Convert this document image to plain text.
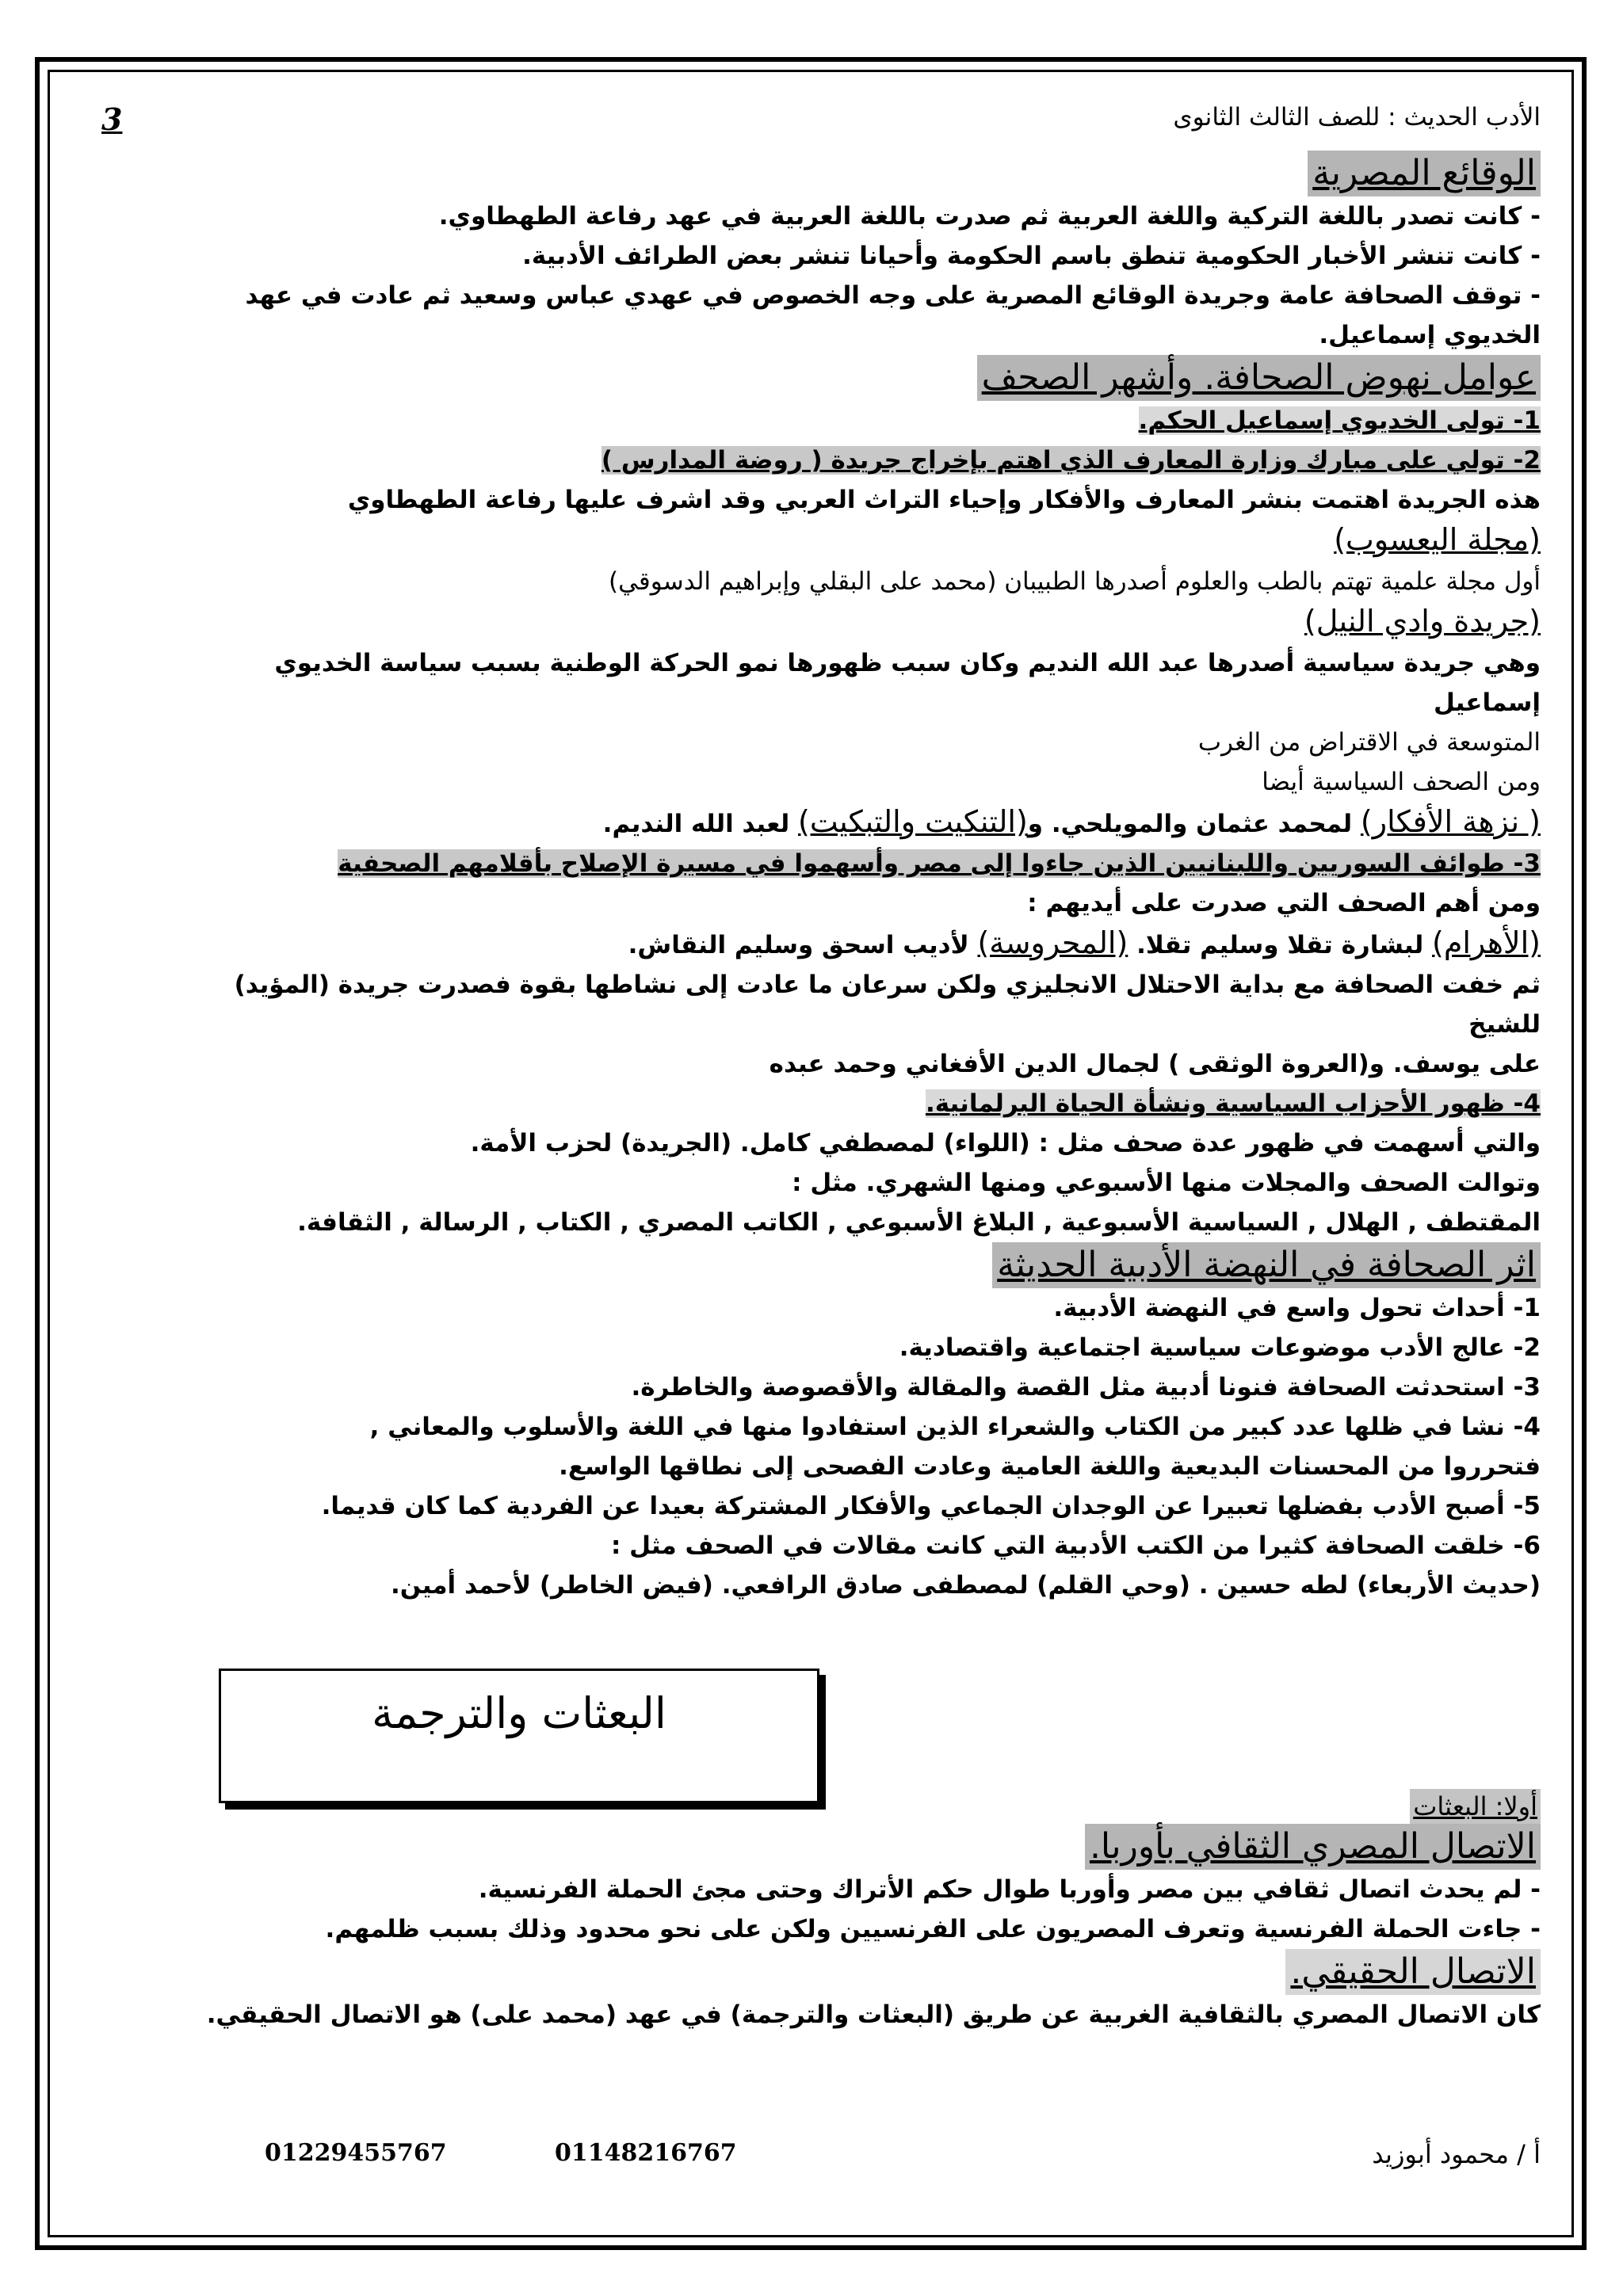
3	الأدب الحديث : للصف الثالث الثانوى
الوقائع المصرية

- كانت تصدر باللغة التركية واللغة العربية ثم صدرت باللغة العربية في عهد رفاعة الطهطاوي.

- كانت تنشر الأخبار الحكومية تنطق باسم الحكومة وأحيانا تنشر بعض الطرائف الأدبية.

- توقف الصحافة عامة وجريدة الوقائع المصرية على وجه الخصوص في عهدي عباس وسعيد ثم عادت في عهد

الخديوي إسماعيل.

عوامل نهوض الصحافة. وأشهر الصحف

1- تولى الخديوي إسماعيل الحكم.

2- تولي على مبارك وزارة المعارف الذي اهتم بإخراج جريدة ( روضة المدارس )

هذه الجريدة اهتمت بنشر المعارف والأفكار وإحياء التراث العربي وقد اشرف عليها رفاعة الطهطاوي

(مجلة اليعسوب)

أول مجلة علمية تهتم بالطب والعلوم أصدرها الطبيبان (محمد على البقلي وإبراهيم الدسوقي)

(جريدة وادي النيل)

وهي جريدة سياسية أصدرها عبد الله النديم وكان سبب ظهورها نمو الحركة الوطنية بسبب سياسة الخديوي إسماعيل

المتوسعة في الاقتراض من الغرب

ومن الصحف السياسية أيضا

( نزهة الأفكار) لمحمد عثمان والمويلحي. و(التنكيت والتبكيت) لعبد الله النديم.

3- طوائف السوريين واللبنانيين الذين جاءوا إلى مصر وأسهموا في مسيرة الإصلاح بأقلامهم الصحفية

ومن أهم الصحف التي صدرت على أيديهم :

(الأهرام) لبشارة تقلا وسليم تقلا. (المحروسة) لأديب اسحق وسليم النقاش.

ثم خفت الصحافة مع بداية الاحتلال الانجليزي ولكن سرعان ما عادت إلى نشاطها بقوة فصدرت جريدة (المؤيد) للشيخ

على يوسف. و(العروة الوثقى ) لجمال الدين الأفغاني وحمد عبده

4- ظهور الأحزاب السياسية ونشأة الحياة البرلمانية.

والتي أسهمت في ظهور عدة صحف مثل : (اللواء) لمصطفي كامل. (الجريدة) لحزب الأمة.

وتوالت الصحف والمجلات منها الأسبوعي ومنها الشهري. مثل :

المقتطف , الهلال , السياسية الأسبوعية , البلاغ الأسبوعي , الكاتب المصري , الكتاب , الرسالة , الثقافة.

اثر الصحافة في النهضة الأدبية الحديثة

1- أحداث تحول واسع في النهضة الأدبية.

2- عالج الأدب موضوعات سياسية اجتماعية واقتصادية.

3- استحدثت الصحافة فنونا أدبية مثل القصة والمقالة والأقصوصة والخاطرة.

4- نشا في ظلها عدد كبير من الكتاب والشعراء الذين استفادوا منها في اللغة والأسلوب والمعاني ,

فتحرروا من المحسنات البديعية واللغة العامية وعادت الفصحى إلى نطاقها الواسع.

5- أصبح الأدب بفضلها تعبيرا عن الوجدان الجماعي والأفكار المشتركة بعيدا عن الفردية كما كان قديما.

6- خلقت الصحافة كثيرا من الكتب الأدبية التي كانت مقالات في الصحف مثل :

(حديث الأربعاء) لطه حسين . (وحي القلم) لمصطفى صادق الرافعي. (فيض الخاطر) لأحمد أمين.

البعثات والترجمة
أولا: البعثات
الاتصال المصري الثقافي بأوربا.

- لم يحدث اتصال ثقافي بين مصر وأوربا طوال حكم الأتراك وحتى مجئ الحملة الفرنسية.

- جاءت الحملة الفرنسية وتعرف المصريون على الفرنسيين ولكن على نحو محدود وذلك بسبب ظلمهم.

الاتصال الحقيقي.

كان الاتصال المصري بالثقافية الغربية عن طريق (البعثات والترجمة) في عهد (محمد على) هو الاتصال الحقيقي.

أ / محمود أبوزيد
01148216767
01229455767
